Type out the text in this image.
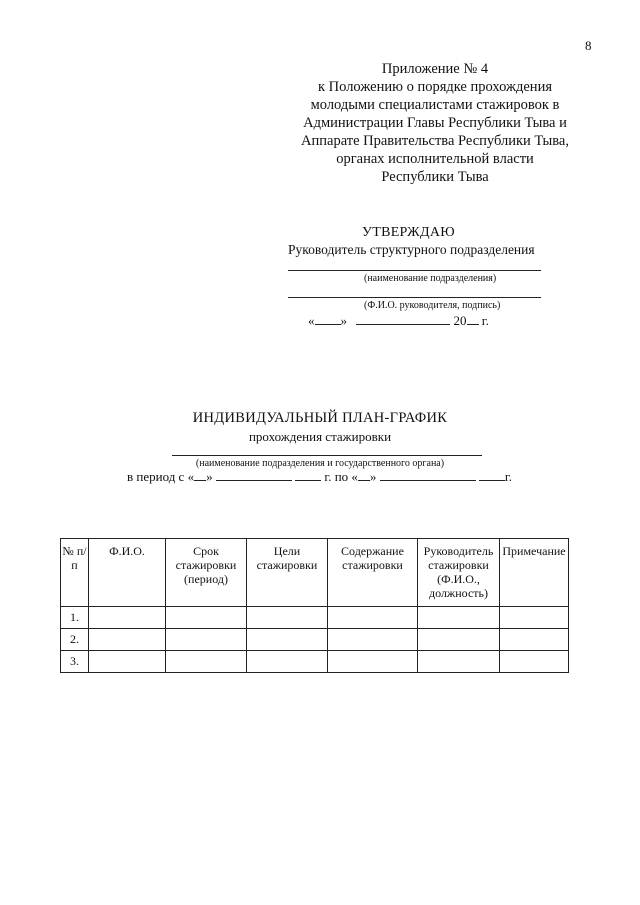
8
Приложение № 4
к Положению о порядке прохождения
молодыми специалистами стажировок в
Администрации Главы Республики Тыва и
Аппарате Правительства Республики Тыва,
органах исполнительной власти
Республики Тыва
УТВЕРЖДАЮ
Руководитель структурного подразделения
(наименование подразделения)
(Ф.И.О. руководителя, подпись)
« »	20 г.
ИНДИВИДУАЛЬНЫЙ ПЛАН-ГРАФИК
прохождения стажировки
(наименование подразделения и государственного органа)
в период с « »	г. по « »	г.
№ п/п	Ф.И.О.	Срок стажировки (период)	Цели стажировки	Содержание стажировки	Руководитель стажировки (Ф.И.О., должность)	Примечание
1.						
2.						
3.						
